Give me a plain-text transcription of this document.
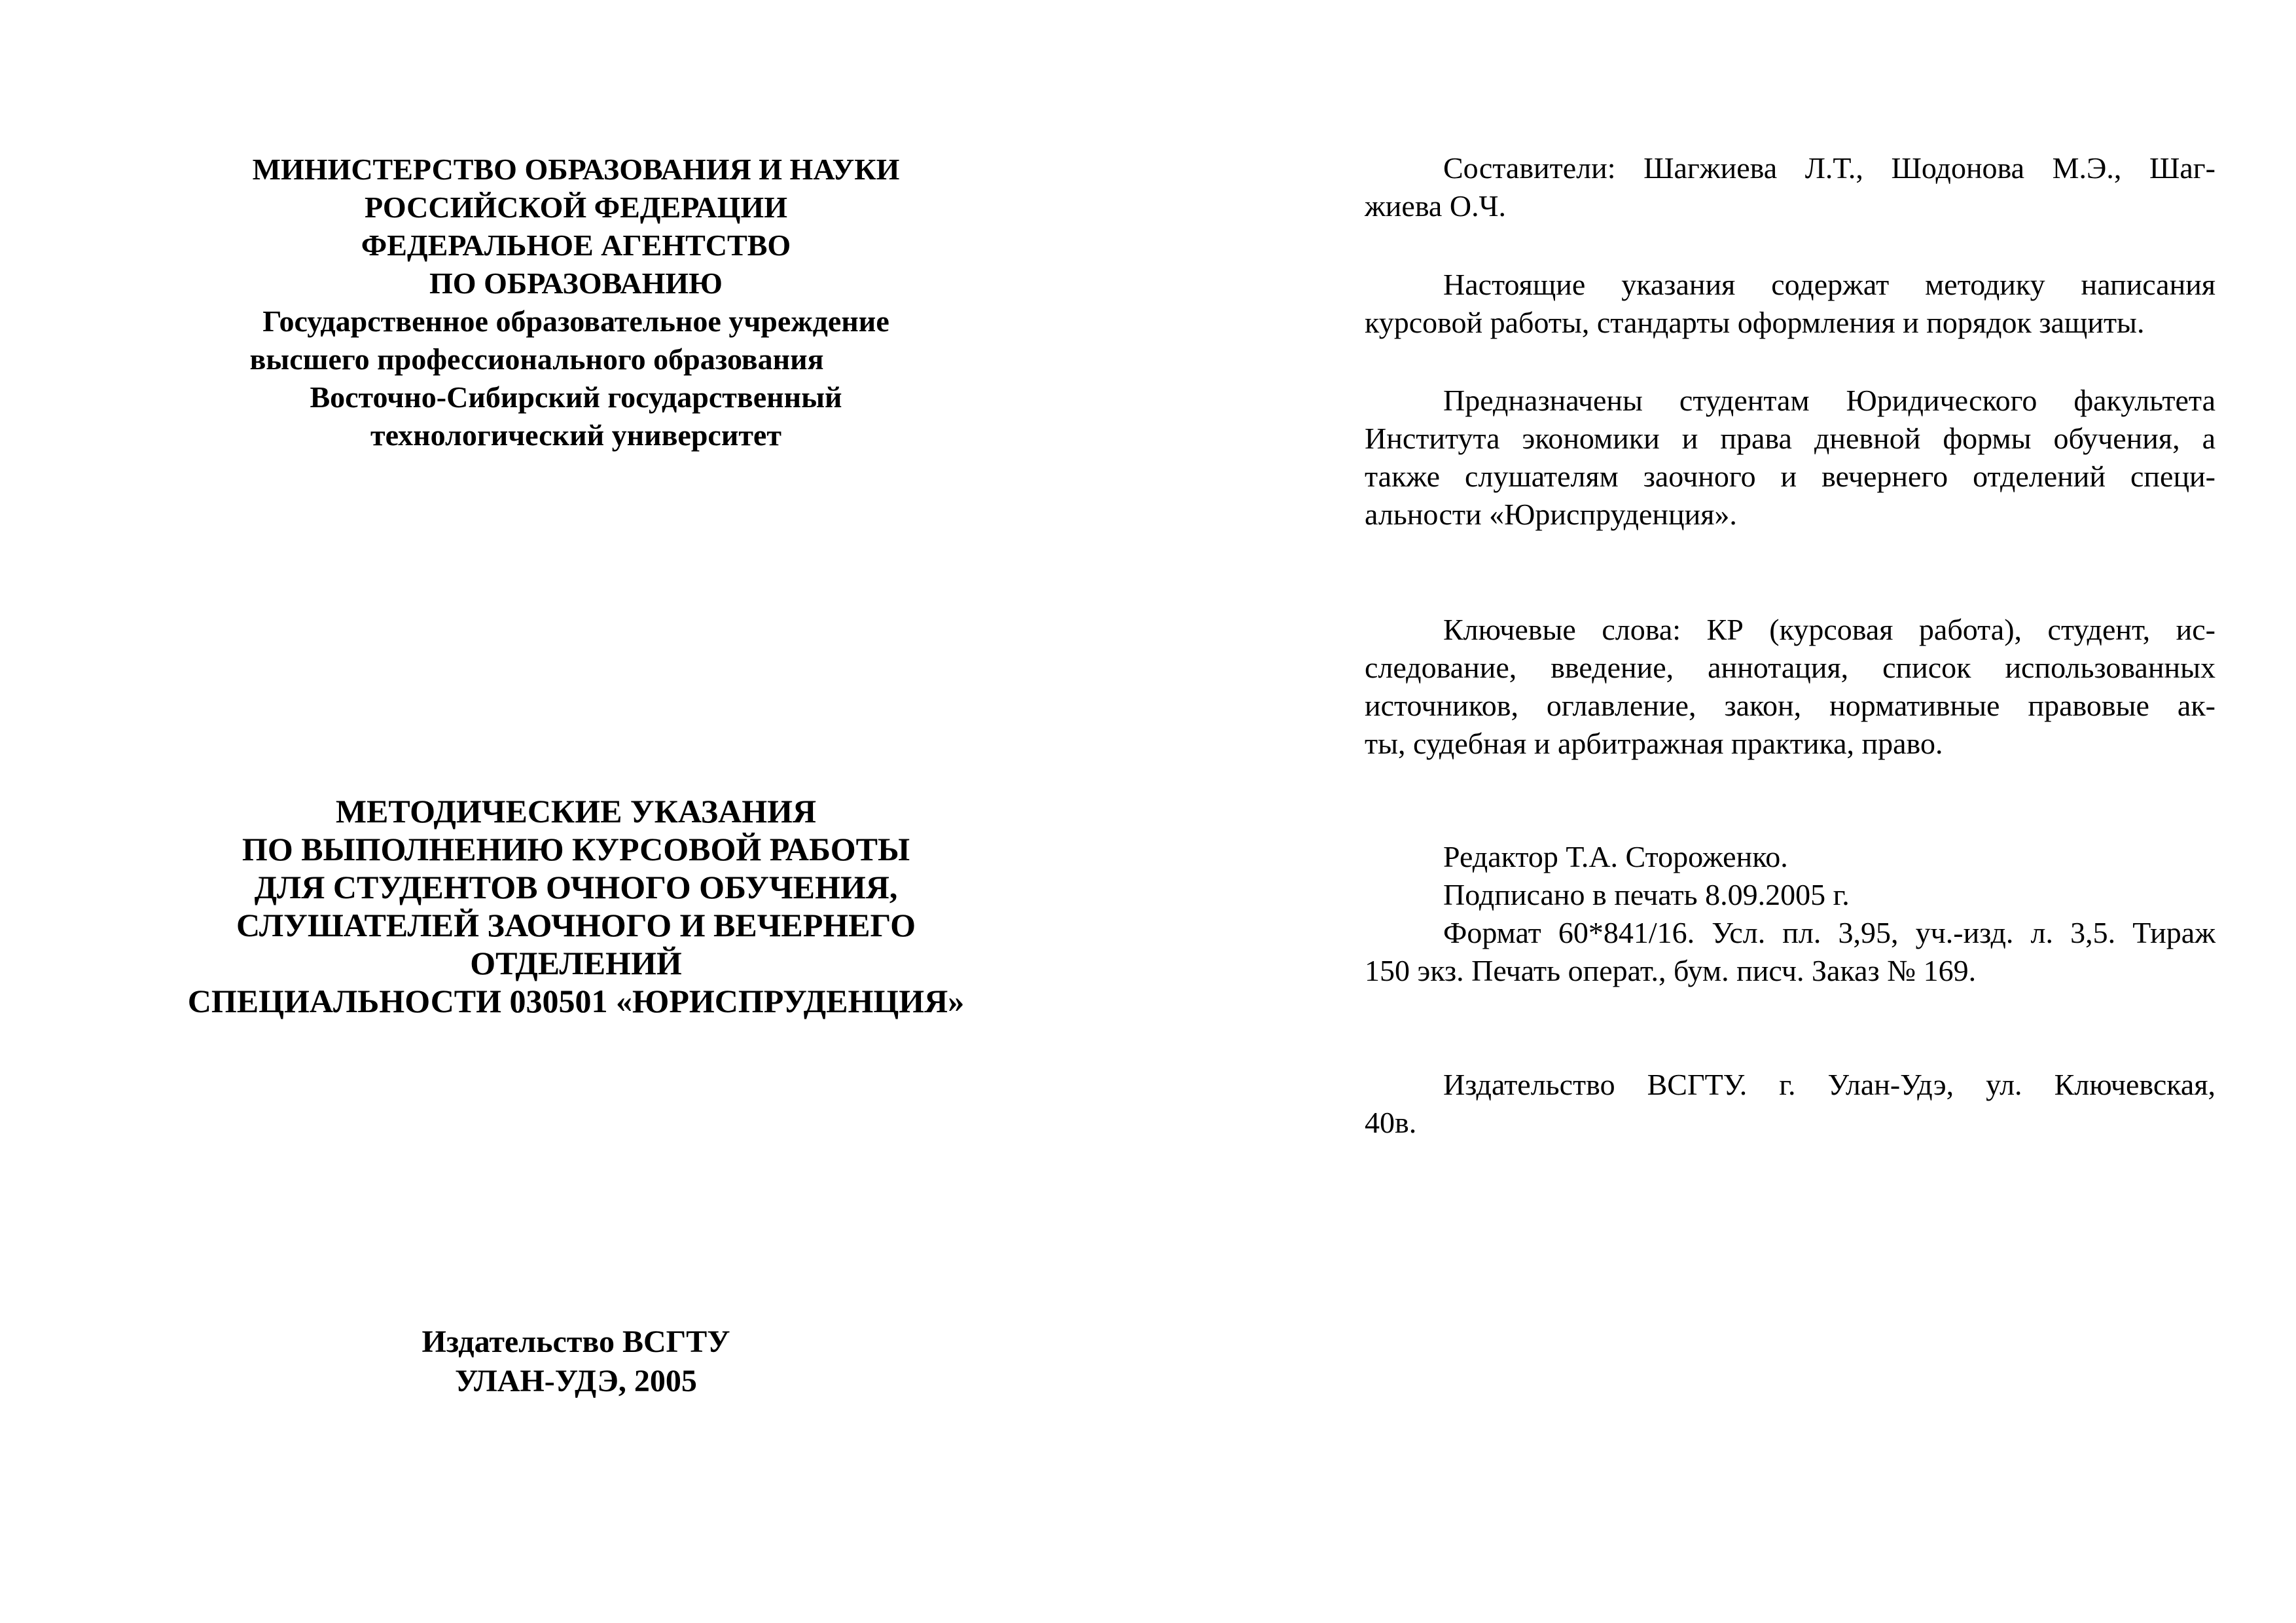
МИНИСТЕРСТВО ОБРАЗОВАНИЯ И НАУКИ
РОССИЙСКОЙ ФЕДЕРАЦИИ
ФЕДЕРАЛЬНОЕ АГЕНТСТВО
ПО ОБРАЗОВАНИЮ
Государственное образовательное учреждение
высшего профессионального образования
Восточно-Сибирский государственный
технологический университет
МЕТОДИЧЕСКИЕ УКАЗАНИЯ
ПО ВЫПОЛНЕНИЮ КУРСОВОЙ РАБОТЫ
ДЛЯ СТУДЕНТОВ ОЧНОГО ОБУЧЕНИЯ,
СЛУШАТЕЛЕЙ ЗАОЧНОГО И ВЕЧЕРНЕГО
ОТДЕЛЕНИЙ
СПЕЦИАЛЬНОСТИ 030501 «ЮРИСПРУДЕНЦИЯ»
Издательство ВСГТУ
УЛАН-УДЭ, 2005
Составители: Шагжиева Л.Т., Шодонова М.Э., Шаг-
жиева О.Ч.
Настоящие указания содержат методику написания
курсовой работы, стандарты оформления и порядок защиты.
Предназначены студентам Юридического факультета
Института экономики и права дневной формы обучения, а
также слушателям заочного и вечернего отделений специ-
альности «Юриспруденция».
Ключевые слова: КР (курсовая работа), студент, ис-
следование, введение, аннотация, список использованных
источников, оглавление, закон, нормативные правовые ак-
ты, судебная и арбитражная практика, право.
Редактор Т.А. Стороженко.
Подписано в печать 8.09.2005 г.
Формат 60*841/16. Усл. пл. 3,95, уч.-изд. л. 3,5. Тираж
150 экз. Печать операт., бум. писч. Заказ № 169.
Издательство ВСГТУ. г. Улан-Удэ, ул. Ключевская,
40в.
